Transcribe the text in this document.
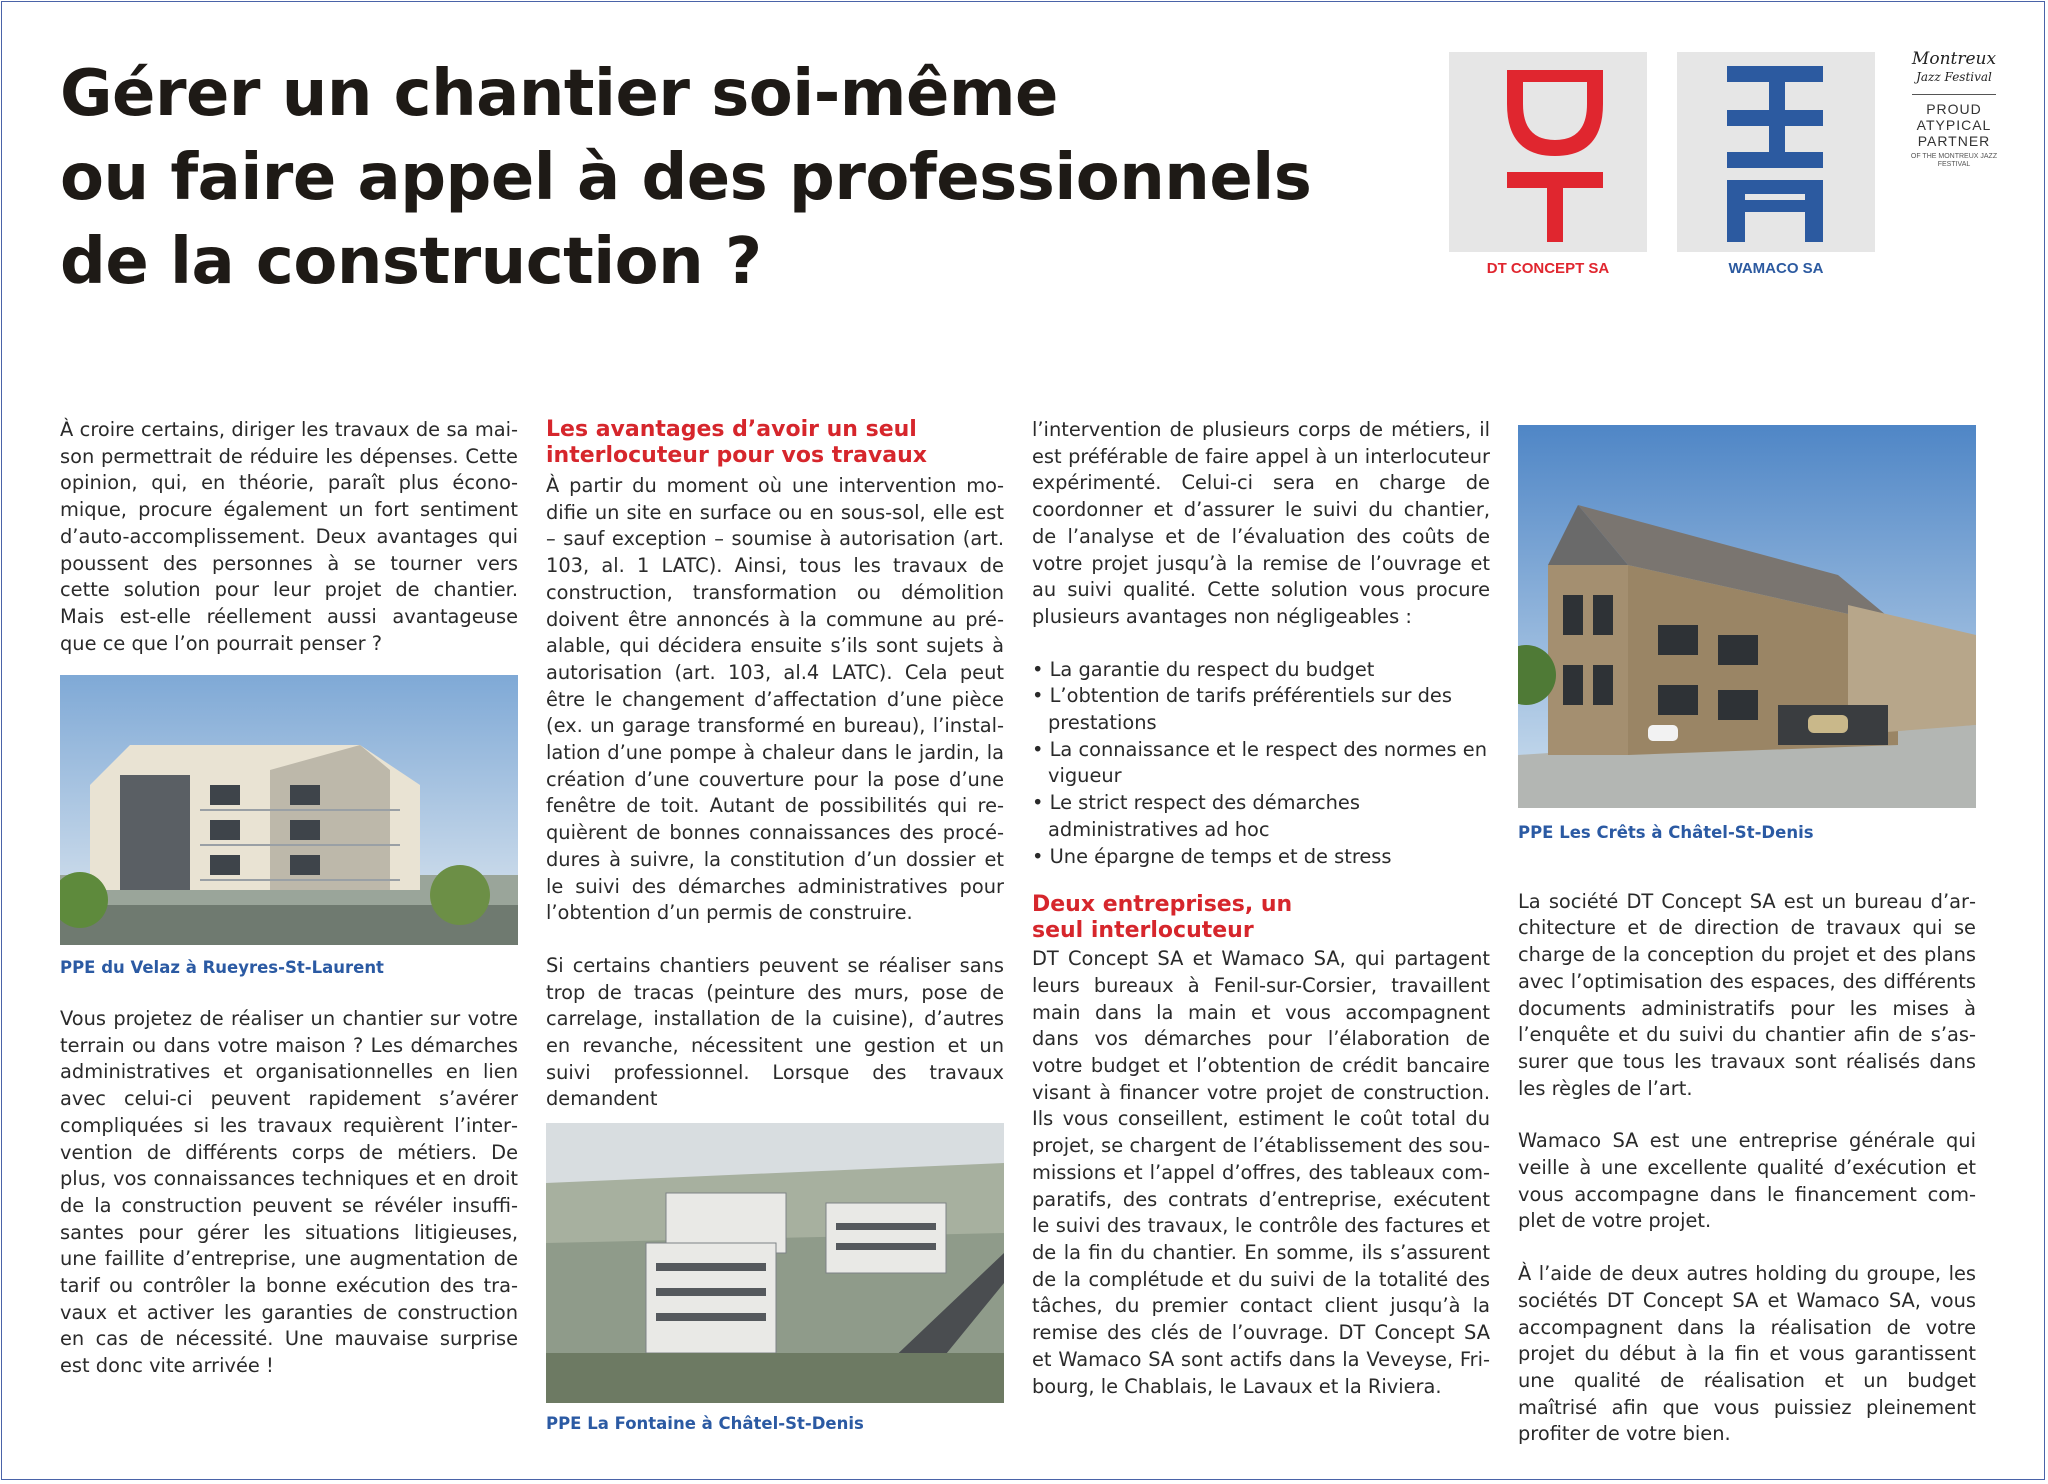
Gérer un chantier soi-même
ou faire appel à des professionnels
de la construction ?	DT CONCEPT SA	WAMACO SA
Montreux
Jazz Festival
PROUD
ATYPICAL
PARTNER
OF THE MONTREUX JAZZ FESTIVAL

À croire certains, diriger les travaux de sa maison permettrait de réduire les dépenses. Cette opinion, qui, en théorie, paraît plus économique, procure également un fort sentiment d’auto-accomplissement. Deux avantages qui poussent des personnes à se tourner vers cette solution pour leur projet de chantier. Mais est-elle réellement aussi avantageuse que ce que l’on pourrait penser ?

PPE du Velaz à Rueyres-St-Laurent

Vous projetez de réaliser un chantier sur votre terrain ou dans votre maison ? Les démarches administratives et organisationnelles en lien avec celui-ci peuvent rapidement s’avérer compliquées si les travaux requièrent l’intervention de différents corps de métiers. De plus, vos connaissances techniques et en droit de la construction peuvent se révéler insuffisantes pour gérer les situations litigieuses, une faillite d’entreprise, une augmentation de tarif ou contrôler la bonne exécution des travaux et activer les garanties de construction en cas de nécessité. Une mauvaise surprise est donc vite arrivée !

Les avantages d’avoir un seul interlocuteur pour vos travaux

À partir du moment où une intervention modifie un site en surface ou en sous-sol, elle est – sauf exception – soumise à autorisation (art. 103, al. 1 LATC). Ainsi, tous les travaux de construction, transformation ou démolition doivent être annoncés à la commune au préalable, qui décidera ensuite s’ils sont sujets à autorisation (art. 103, al.4 LATC). Cela peut être le changement d’affectation d’une pièce (ex. un garage transformé en bureau), l’installation d’une pompe à chaleur dans le jardin, la création d’une couverture pour la pose d’une fenêtre de toit. Autant de possibilités qui requièrent de bonnes connaissances des procédures à suivre, la constitution d’un dossier et le suivi des démarches administratives pour l’obtention d’un permis de construire.

Si certains chantiers peuvent se réaliser sans trop de tracas (peinture des murs, pose de carrelage, installation de la cuisine), d’autres en revanche, nécessitent une gestion et un suivi professionnel. Lorsque des travaux demandent

PPE La Fontaine à Châtel-St-Denis

l’intervention de plusieurs corps de métiers, il est préférable de faire appel à un interlocuteur expérimenté. Celui-ci sera en charge de coordonner et d’assurer le suivi du chantier, de l’analyse et de l’évaluation des coûts de votre projet jusqu’à la remise de l’ouvrage et au suivi qualité. Cette solution vous procure plusieurs avantages non négligeables :

• La garantie du respect du budget
• L’obtention de tarifs préférentiels sur des prestations
• La connaissance et le respect des normes en vigueur
• Le strict respect des démarches administratives ad hoc
• Une épargne de temps et de stress
Deux entreprises, un seul interlocuteur

DT Concept SA et Wamaco SA, qui partagent leurs bureaux à Fenil-sur-Corsier, travaillent main dans la main et vous accompagnent dans vos démarches pour l’élaboration de votre budget et l’obtention de crédit bancaire visant à financer votre projet de construction. Ils vous conseillent, estiment le coût total du projet, se chargent de l’établissement des soumissions et l’appel d’offres, des tableaux comparatifs, des contrats d’entreprise, exécutent le suivi des travaux, le contrôle des factures et de la fin du chantier. En somme, ils s’assurent de la complétude et du suivi de la totalité des tâches, du premier contact client jusqu’à la remise des clés de l’ouvrage. DT Concept SA et Wamaco SA sont actifs dans la Veveyse, Fribourg, le Chablais, le Lavaux et la Riviera.

PPE Les Crêts à Châtel-St-Denis

La société DT Concept SA est un bureau d’architecture et de direction de travaux qui se charge de la conception du projet et des plans avec l’optimisation des espaces, des différents documents administratifs pour les mises à l’enquête et du suivi du chantier afin de s’assurer que tous les travaux sont réalisés dans les règles de l’art.

Wamaco SA est une entreprise générale qui veille à une excellente qualité d’exécution et vous accompagne dans le financement complet de votre projet.

À l’aide de deux autres holding du groupe, les sociétés DT Concept SA et Wamaco SA, vous accompagnent dans la réalisation de votre projet du début à la fin et vous garantissent une qualité de réalisation et un budget maîtrisé afin que vous puissiez pleinement profiter de votre bien.
